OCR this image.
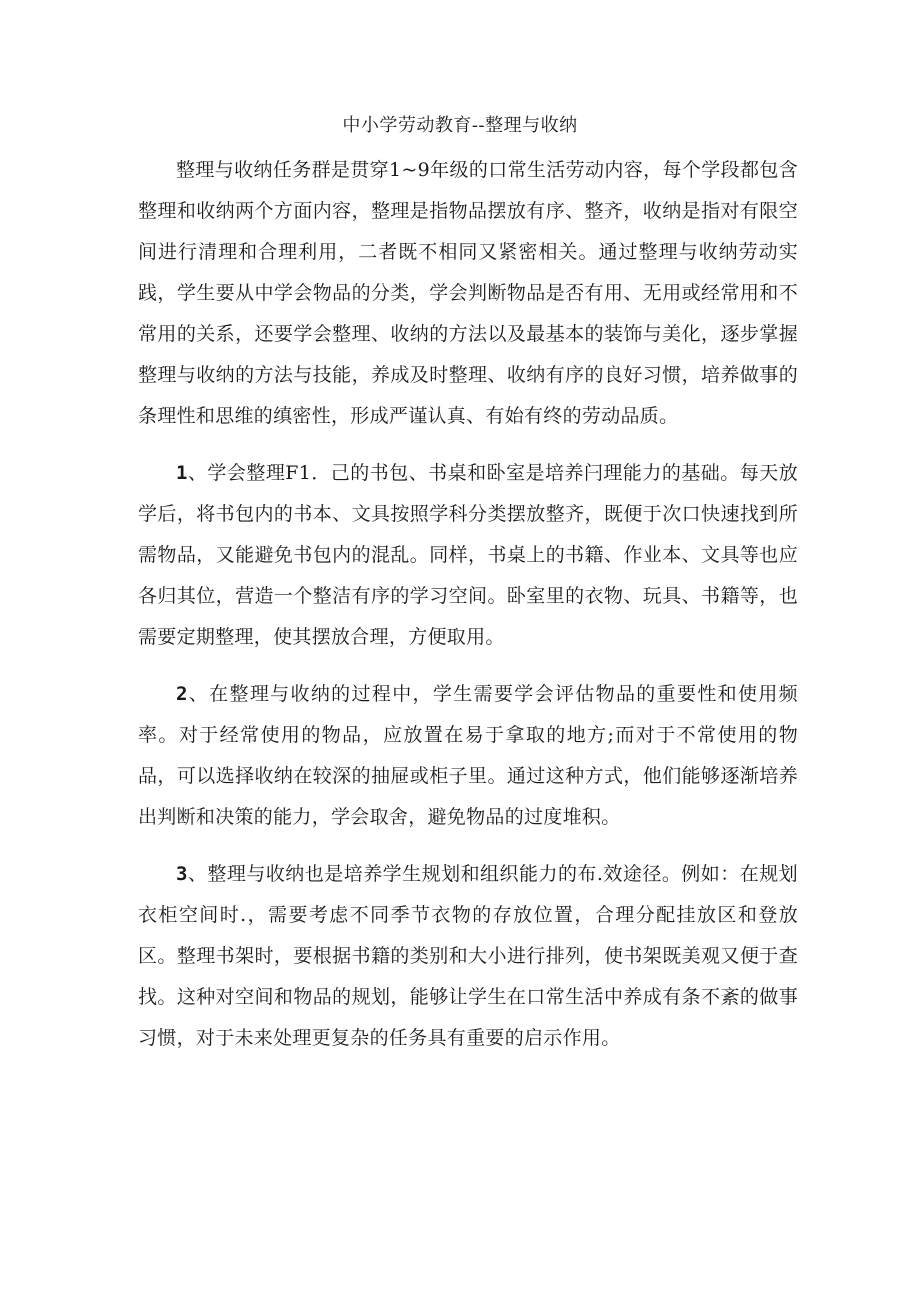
中小学劳动教育--整理与收纳

整理与收纳任务群是贯穿1~9年级的口常生活劳动内容，每个学段都包含整理和收纳两个方面内容，整理是指物品摆放有序、整齐，收纳是指对有限空间进行清理和合理利用，二者既不相同又紧密相关。通过整理与收纳劳动实践，学生要从中学会物品的分类，学会判断物品是否有用、无用或经常用和不常用的关系，还要学会整理、收纳的方法以及最基本的装饰与美化，逐步掌握整理与收纳的方法与技能，养成及时整理、收纳有序的良好习惯，培养做事的条理性和思维的缜密性，形成严谨认真、有始有终的劳动品质。

1、学会整理F1．己的书包、书桌和卧室是培养闩理能力的基础。每天放学后，将书包内的书本、文具按照学科分类摆放整齐，既便于次口快速找到所需物品，又能避免书包内的混乱。同样，书桌上的书籍、作业本、文具等也应各归其位，营造一个整洁有序的学习空间。卧室里的衣物、玩具、书籍等，也需要定期整理，使其摆放合理，方便取用。

2、在整理与收纳的过程中，学生需要学会评估物品的重要性和使用频率。对于经常使用的物品，应放置在易于拿取的地方;而对于不常使用的物品，可以选择收纳在较深的抽屉或柜子里。通过这种方式，他们能够逐渐培养出判断和决策的能力，学会取舍，避免物品的过度堆积。

3、整理与收纳也是培养学生规划和组织能力的布.效途径。例如：在规划衣柜空间时.，需要考虑不同季节衣物的存放位置，合理分配挂放区和登放区。整理书架时，要根据书籍的类别和大小进行排列，使书架既美观又便于查找。这种对空间和物品的规划，能够让学生在口常生活中养成有条不紊的做事习惯，对于未来处理更复杂的任务具有重要的启示作用。
